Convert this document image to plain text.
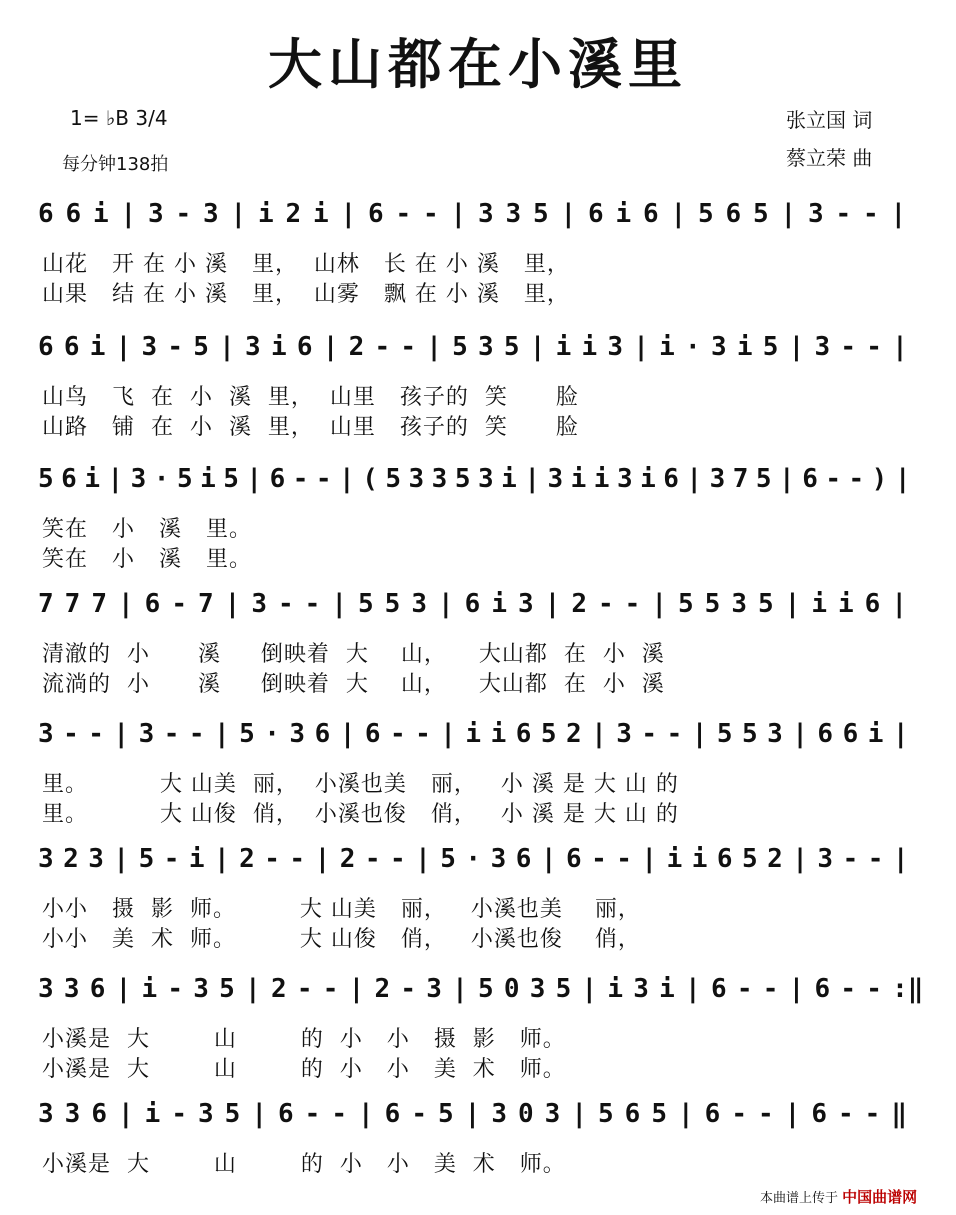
大山都在小溪里
1= ♭B 3/4
每分钟138拍
张立国 词
蔡立荣 曲
6 6 i | 3 - 3 | i 2 i | 6 - - | 3 3 5 | 6 i 6 | 5 6 5 | 3 - - |
山花   开 在 小 溪   里，  山林   长 在 小 溪   里，
山果   结 在 小 溪   里，  山雾   飘 在 小 溪   里，
6 6 i | 3 - 5 | 3 i 6 | 2 - - | 5 3 5 | i i 3 | i · 3 i 5 | 3 - - |
山鸟   飞  在  小  溪  里，  山里   孩子的  笑      脸
山路   铺  在  小  溪  里，  山里   孩子的  笑      脸
5 6 i | 3 · 5 i 5 | 6 - - | ( 5 3 3 5 3 i | 3 i i 3 i 6 | 3 7 5 | 6 - - ) |
笑在   小   溪   里。
笑在   小   溪   里。
7 7 7 | 6 - 7 | 3 - - | 5 5 3 | 6 i 3 | 2 - - | 5 5 3 5 | i i 6 |
清澈的  小      溪     倒映着  大    山，    大山都  在  小  溪
流淌的  小      溪     倒映着  大    山，    大山都  在  小  溪
3 - - | 3 - - | 5 · 3 6 | 6 - - | i i 6 5 2 | 3 - - | 5 5 3 | 6 6 i |
里。         大 山美  丽，  小溪也美   丽，   小 溪 是 大 山 的
里。         大 山俊  俏，  小溪也俊   俏，   小 溪 是 大 山 的
3 2 3 | 5 - i | 2 - - | 2 - - | 5 · 3 6 | 6 - - | i i 6 5 2 | 3 - - |
小小   摄  影  师。        大 山美   丽，   小溪也美    丽，
小小   美  术  师。        大 山俊   俏，   小溪也俊    俏，
3 3 6 | i - 3 5 | 2 - - | 2 - 3 | 5 0 3 5 | i 3 i | 6 - - | 6 - - :‖
小溪是  大        山        的  小   小   摄  影   师。
小溪是  大        山        的  小   小   美  术   师。
3 3 6 | i - 3 5 | 6 - - | 6 - 5 | 3 0 3 | 5 6 5 | 6 - - | 6 - - ‖
小溪是  大        山        的  小   小   美  术   师。
本曲谱上传于 中国曲谱网
